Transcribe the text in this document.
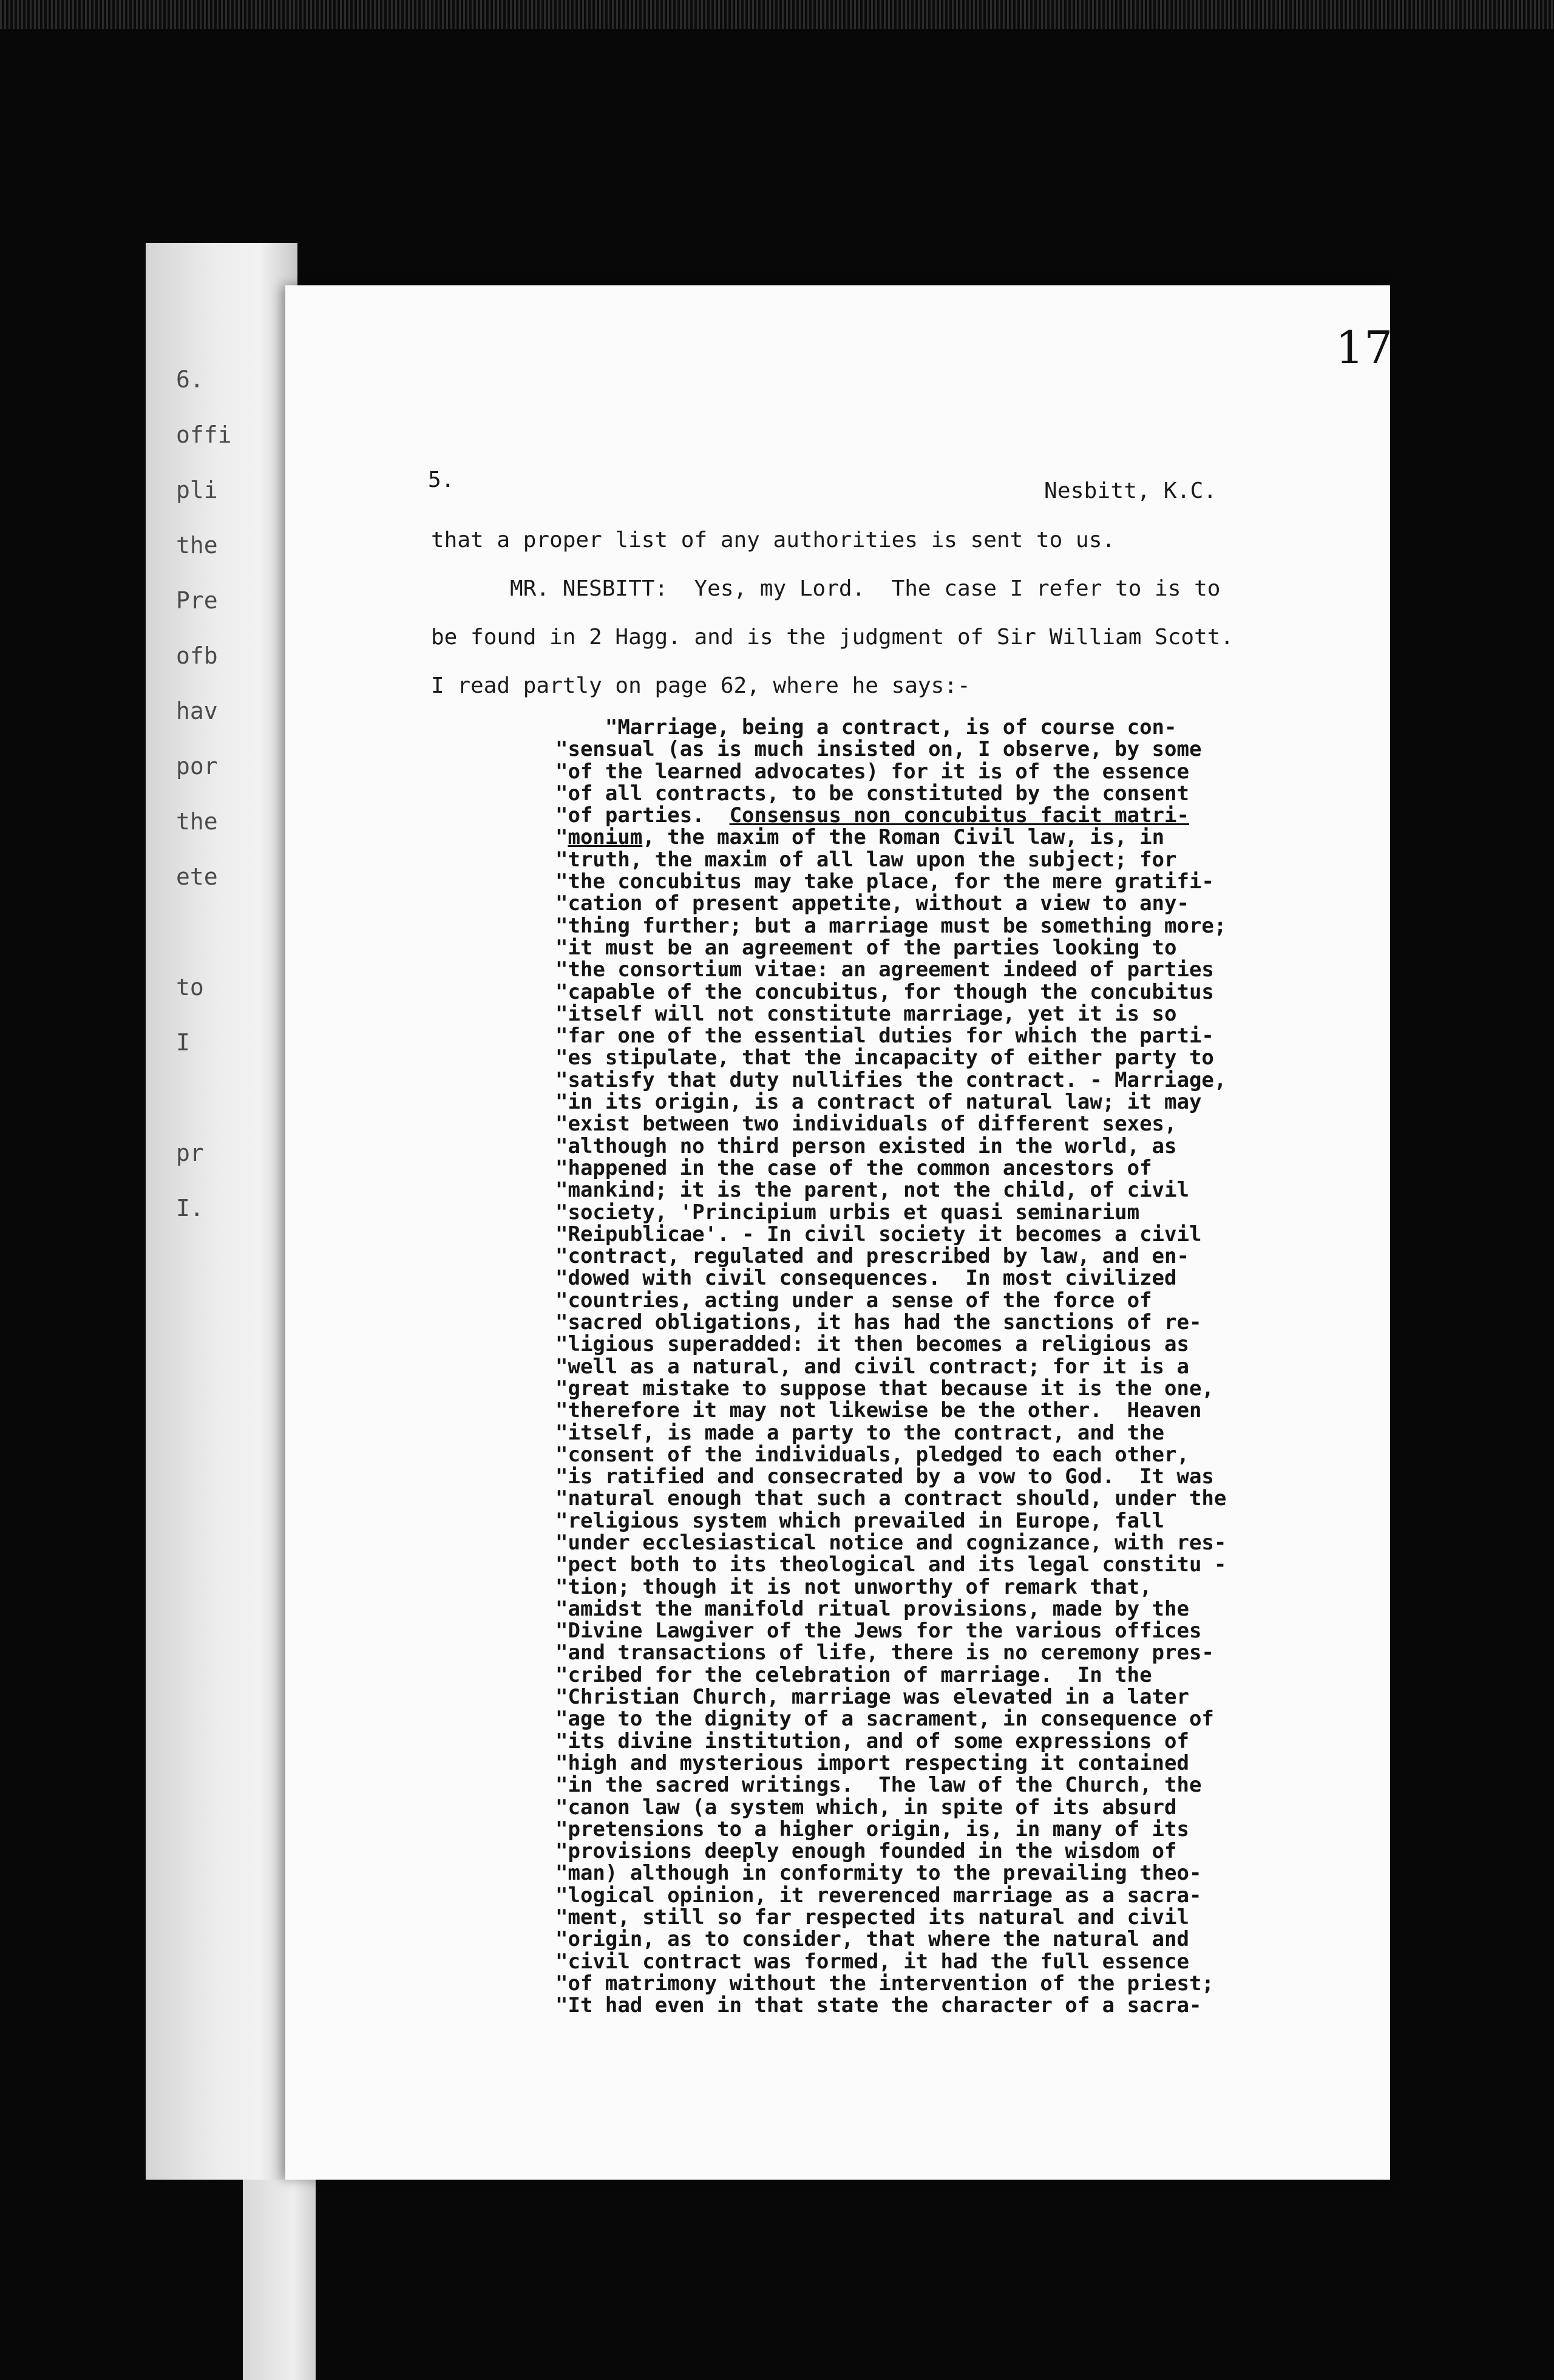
6.
offi
pli
the
Pre
ofb
hav
por
the
ete

to
I

pr
I.
17
5.	Nesbitt, K.C.
that a proper list of any authorities is sent to us.
MR. NESBITT:  Yes, my Lord.  The case I refer to is to
be found in 2 Hagg. and is the judgment of Sir William Scott.
I read partly on page 62, where he says:-
"Marriage, being a contract, is of course con-
"sensual (as is much insisted on, I observe, by some
"of the learned advocates) for it is of the essence
"of all contracts, to be constituted by the consent
"of parties.  Consensus non concubitus facit matri-
"monium, the maxim of the Roman Civil law, is, in
"truth, the maxim of all law upon the subject; for
"the concubitus may take place, for the mere gratifi-
"cation of present appetite, without a view to any-
"thing further; but a marriage must be something more;
"it must be an agreement of the parties looking to
"the consortium vitae: an agreement indeed of parties
"capable of the concubitus, for though the concubitus
"itself will not constitute marriage, yet it is so
"far one of the essential duties for which the parti-
"es stipulate, that the incapacity of either party to
"satisfy that duty nullifies the contract. - Marriage,
"in its origin, is a contract of natural law; it may
"exist between two individuals of different sexes,
"although no third person existed in the world, as
"happened in the case of the common ancestors of
"mankind; it is the parent, not the child, of civil
"society, 'Principium urbis et quasi seminarium
"Reipublicae'. - In civil society it becomes a civil
"contract, regulated and prescribed by law, and en-
"dowed with civil consequences.  In most civilized
"countries, acting under a sense of the force of
"sacred obligations, it has had the sanctions of re-
"ligious superadded: it then becomes a religious as
"well as a natural, and civil contract; for it is a
"great mistake to suppose that because it is the one,
"therefore it may not likewise be the other.  Heaven
"itself, is made a party to the contract, and the
"consent of the individuals, pledged to each other,
"is ratified and consecrated by a vow to God.  It was
"natural enough that such a contract should, under the
"religious system which prevailed in Europe, fall
"under ecclesiastical notice and cognizance, with res-
"pect both to its theological and its legal constitu -
"tion; though it is not unworthy of remark that,
"amidst the manifold ritual provisions, made by the
"Divine Lawgiver of the Jews for the various offices
"and transactions of life, there is no ceremony pres-
"cribed for the celebration of marriage.  In the
"Christian Church, marriage was elevated in a later
"age to the dignity of a sacrament, in consequence of
"its divine institution, and of some expressions of
"high and mysterious import respecting it contained
"in the sacred writings.  The law of the Church, the
"canon law (a system which, in spite of its absurd
"pretensions to a higher origin, is, in many of its
"provisions deeply enough founded in the wisdom of
"man) although in conformity to the prevailing theo-
"logical opinion, it reverenced marriage as a sacra-
"ment, still so far respected its natural and civil
"origin, as to consider, that where the natural and
"civil contract was formed, it had the full essence
"of matrimony without the intervention of the priest;
"It had even in that state the character of a sacra-
